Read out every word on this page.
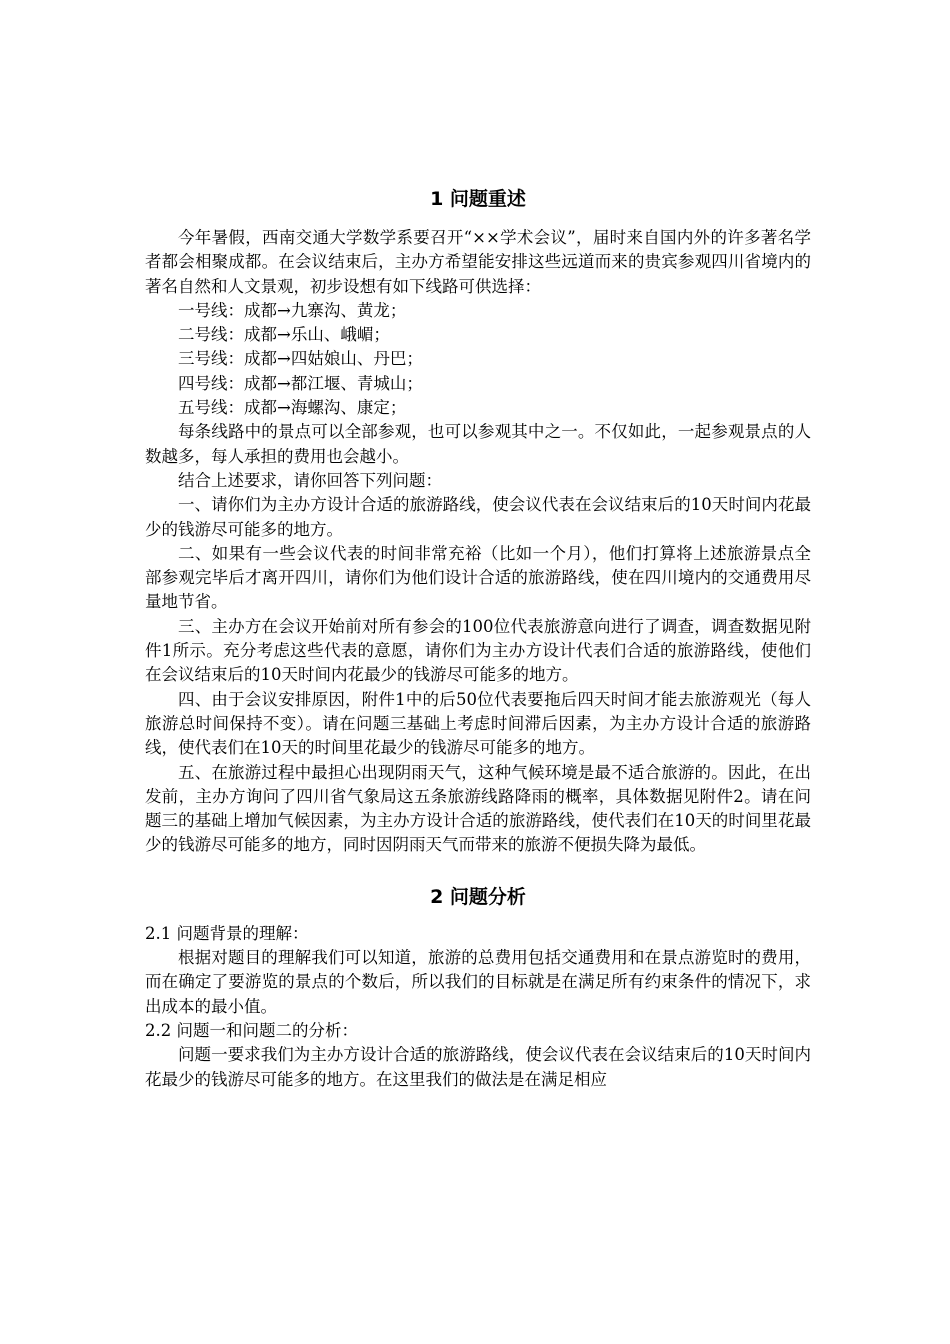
1 问题重述

今年暑假，西南交通大学数学系要召开“××学术会议”，届时来自国内外的许多著名学者都会相聚成都。在会议结束后，主办方希望能安排这些远道而来的贵宾参观四川省境内的著名自然和人文景观，初步设想有如下线路可供选择：

一号线：成都→九寨沟、黄龙；

二号线：成都→乐山、峨嵋；

三号线：成都→四姑娘山、丹巴；

四号线：成都→都江堰、青城山；

五号线：成都→海螺沟、康定；

每条线路中的景点可以全部参观，也可以参观其中之一。不仅如此，一起参观景点的人数越多，每人承担的费用也会越小。

结合上述要求，请你回答下列问题：

一、请你们为主办方设计合适的旅游路线，使会议代表在会议结束后的10天时间内花最少的钱游尽可能多的地方。

二、如果有一些会议代表的时间非常充裕（比如一个月），他们打算将上述旅游景点全部参观完毕后才离开四川，请你们为他们设计合适的旅游路线，使在四川境内的交通费用尽量地节省。

三、主办方在会议开始前对所有参会的100位代表旅游意向进行了调查，调查数据见附件1所示。充分考虑这些代表的意愿，请你们为主办方设计代表们合适的旅游路线，使他们在会议结束后的10天时间内花最少的钱游尽可能多的地方。

四、由于会议安排原因，附件1中的后50位代表要拖后四天时间才能去旅游观光（每人旅游总时间保持不变）。请在问题三基础上考虑时间滞后因素，为主办方设计合适的旅游路线，使代表们在10天的时间里花最少的钱游尽可能多的地方。

五、在旅游过程中最担心出现阴雨天气，这种气候环境是最不适合旅游的。因此，在出发前，主办方询问了四川省气象局这五条旅游线路降雨的概率，具体数据见附件2。请在问题三的基础上增加气候因素，为主办方设计合适的旅游路线，使代表们在10天的时间里花最少的钱游尽可能多的地方，同时因阴雨天气而带来的旅游不便损失降为最低。

2 问题分析

2.1 问题背景的理解：

根据对题目的理解我们可以知道，旅游的总费用包括交通费用和在景点游览时的费用，而在确定了要游览的景点的个数后，所以我们的目标就是在满足所有约束条件的情况下，求出成本的最小值。

2.2 问题一和问题二的分析：

问题一要求我们为主办方设计合适的旅游路线，使会议代表在会议结束后的10天时间内花最少的钱游尽可能多的地方。在这里我们的做法是在满足相应
